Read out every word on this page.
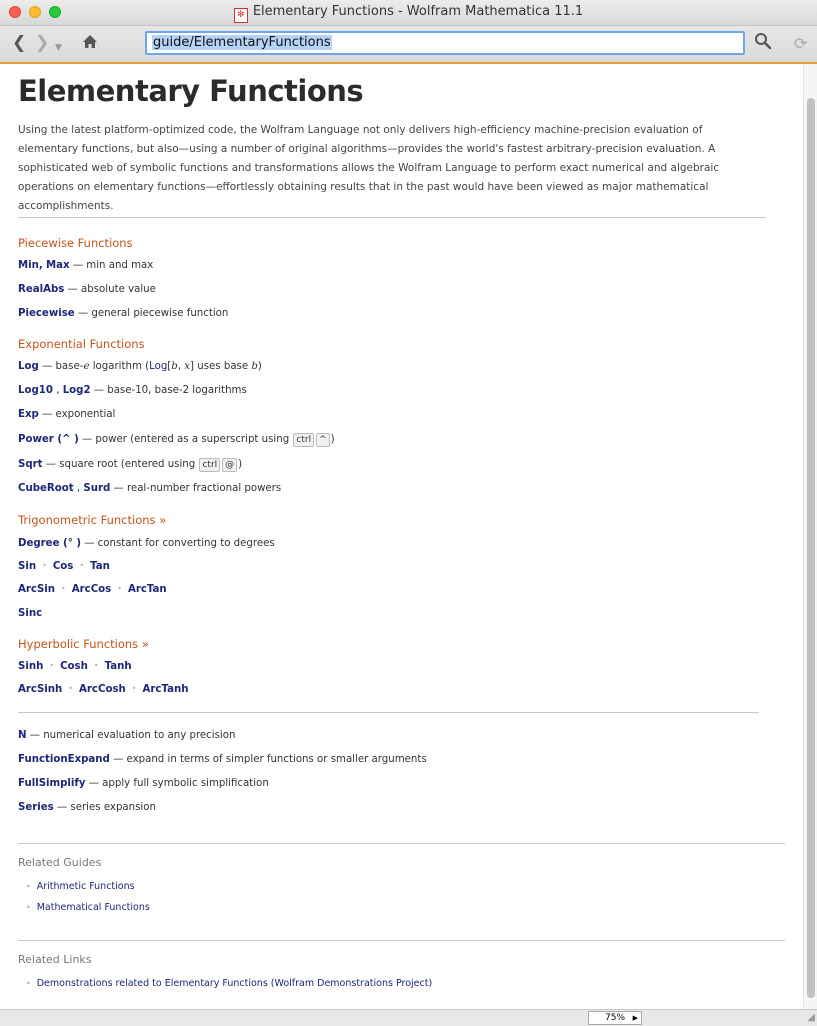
✻ Elementary Functions - Wolfram Mathematica 11.1
❮ ❯ ▼	guide/ElementaryFunctions	⟳
Elementary Functions

Using the latest platform-optimized code, the Wolfram Language not only delivers high-efficiency machine-precision evaluation of elementary functions, but also—using a number of original algorithms—provides the world's fastest arbitrary-precision evaluation. A sophisticated web of symbolic functions and transformations allows the Wolfram Language to perform exact numerical and algebraic operations on elementary functions—effortlessly obtaining results that in the past would have been viewed as major mathematical accomplishments.

Piecewise Functions
Min, Max — min and max
RealAbs — absolute value
Piecewise — general piecewise function
Exponential Functions
Log — base-e logarithm (Log[b, x] uses base b)
Log10 , Log2 — base-10, base-2 logarithms
Exp — exponential
Power (^ ) — power (entered as a superscript using ctrl ^ )
Sqrt — square root (entered using ctrl @ )
CubeRoot , Surd — real-number fractional powers
Trigonometric Functions »
Degree (° ) — constant for converting to degrees
Sin • Cos • Tan
ArcSin • ArcCos • ArcTan
Sinc
Hyperbolic Functions »
Sinh • Cosh • Tanh
ArcSinh • ArcCosh • ArcTanh
N — numerical evaluation to any precision
FunctionExpand — expand in terms of simpler functions or smaller arguments
FullSimplify — apply full symbolic simplification
Series — series expansion
Related Guides
• Arithmetic Functions
• Mathematical Functions
Related Links
• Demonstrations related to Elementary Functions (Wolfram Demonstrations Project)
75% ▶	◢
